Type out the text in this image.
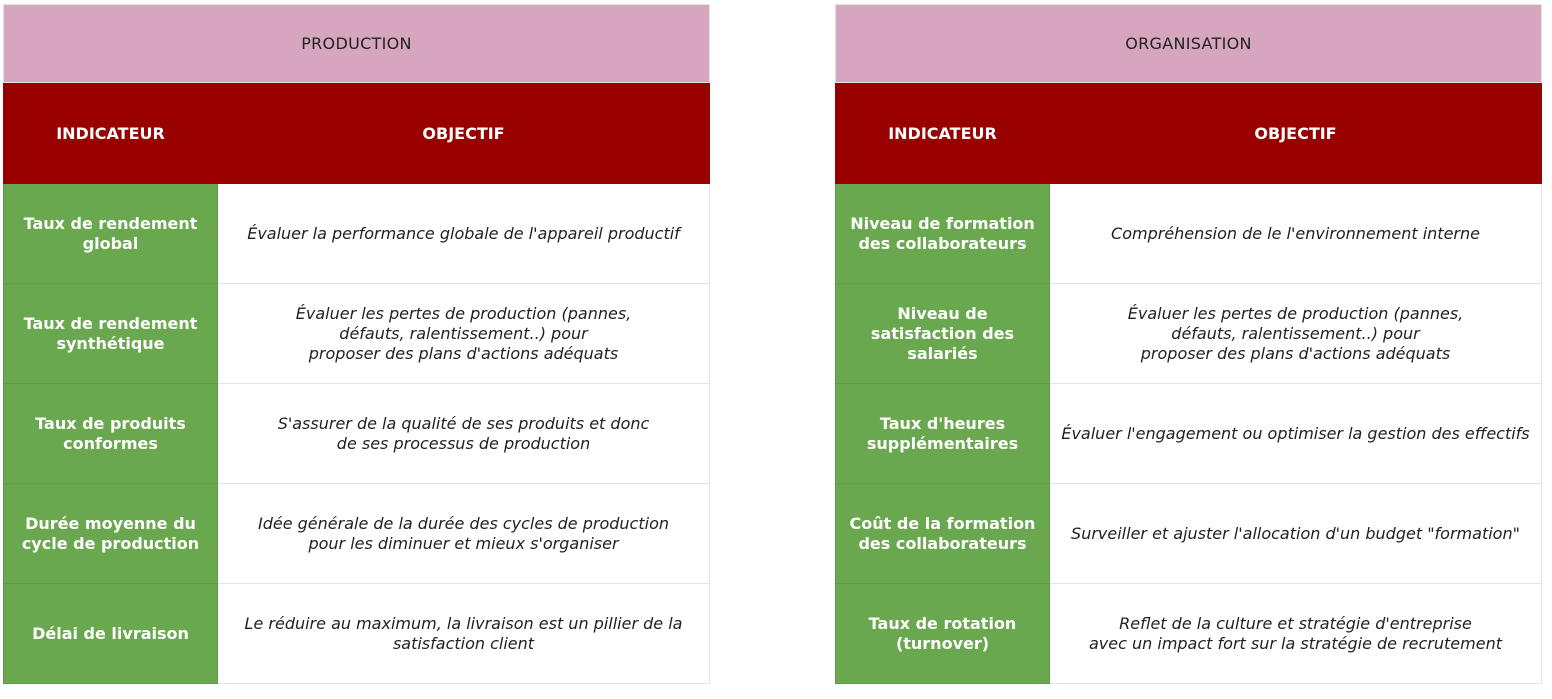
PRODUCTION	
INDICATEUR	OBJECTIF
Taux de rendement global	Évaluer la performance globale de l'appareil productif
Taux de rendement synthétique	Évaluer les pertes de production (pannes,
défauts, ralentissement..) pour
proposer des plans d'actions adéquats
Taux de produits conformes	S'assurer de la qualité de ses produits et donc
de ses processus de production
Durée moyenne du cycle de production	Idée générale de la durée des cycles de production
pour les diminuer et mieux s'organiser
Délai de livraison	Le réduire au maximum, la livraison est un pillier de la satisfaction client
ORGANISATION	
INDICATEUR	OBJECTIF
Niveau de formation des collaborateurs	Compréhension de le l'environnement interne
Niveau de satisfaction des salariés	Évaluer les pertes de production (pannes,
défauts, ralentissement..) pour
proposer des plans d'actions adéquats
Taux d'heures supplémentaires	Évaluer l'engagement ou optimiser la gestion des effectifs
Coût de la formation des collaborateurs	Surveiller et ajuster l'allocation d'un budget "formation"
Taux de rotation (turnover)	Reflet de la culture et stratégie d'entreprise
avec un impact fort sur la stratégie de recrutement
